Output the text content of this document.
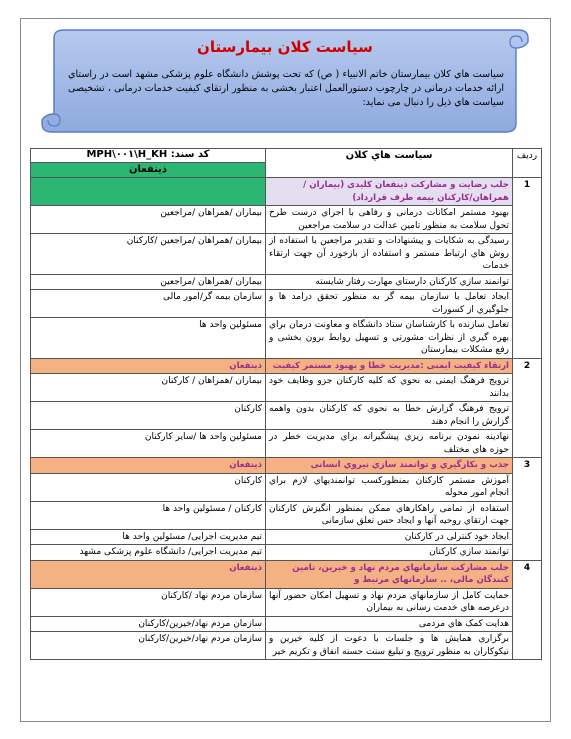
سیاست کلان بیمارستان
سیاست هاي كلان بیمارستان خاتم الانبیاء ( ص) كه تحت پوشش دانشگاه علوم پزشکی مشهد است در راستاي ارائه خدمات درمانی در چارچوب دستورالعمل اعتبار بخشی به منظور ارتقاي کیفیت خدمات درمانی ، تشخیصی سیاست هاي ذیل را دنبال می نماید:
ردیف	سیاست هاي کلان	کد سند: MPH\٠٠١\H_KH
ذینفعان

1	جلب رضایت و مشارکت ذینفعان کلیدی (بیماران /همراهان/کارکنان بیمه طرف قرارداد)	
	بهبود مستمر امکانات درمانی و رفاهی با اجراي درست طرح تحول سلامت به منظور تامین عدالت در سلامت مراجعین	بیماران /همراهان /مراجعین
	رسیدگی به شکایات و پیشنهادات و تقدیر مراجعین با استفاده از روش هاي ارتباط مستمر و استفاده از بازخورد آن جهت ارتقاء خدمات	بیماران /همراهان /مراجعین /کارکنان
	توانمند سازي کارکنان دارستاي مهارت رفتار شایسته	بیماران /همراهان /مراجعین
	ایجاد تعامل با سازمان بیمه گر به منظور تحقق درامد ها و جلوگیري از کسورات	سازمان بیمه گر/امور مالی
	تعامل سازنده با کارشناسان ستاد دانشگاه و معاونت درمان براي بهره گیري از نظرات مشورتی و تسهیل روابط برون بخشی و رفع مشکلات بیمارستان	مسئولین واحد ها
2	ارتقاء کیفیت ایمنی :مدیریت خطا و بهبود مستمر کیفیت	ذینفعان
	ترویج فرهنگ ایمنی به نحوي که کلیه کارکنان جزو وظایف خود بدانند	بیماران /همراهان / کارکنان
	ترویج فرهنگ گزارش خطا به نحوي که کارکنان بدون واهمه گزارش را انجام دهند	کارکنان
	نهادینه نمودن برنامه ریزي پیشگیرانه براي مدیریت خطر در حوزه هاي مختلف	مسئولین واحد ها /سایر کارکنان
3	جذب و بکارگیري و توانمند سازي نیروي انسانی	ذینفعان
	آموزش مستمر کارکنان بمنظورکسب توانمندیهاي لازم براي انجام امور محوله	کارکنان
	استفاده از تمامی راهکارهاي ممکن بمنظور انگیزش کارکنان جهت ارتقاي روحیه آنها و ایجاد حس تعلق سازمانی	کارکنان / مسئولین واحد ها
	ایجاد خود کنترلی در کارکنان	تیم مدیریت اجرایی/ مسئولین واحد ها
	توانمند سازي کارکنان	تیم مدیریت اجرایی/ دانشگاه علوم پزشکی مشهد
4	جلب مشارکت سازمانهاي مردم نهاد و خیرین، تامین کنندگان مالی، .. سازمانهاي مرتبط و	ذینفعان
	حمایت کامل از سازمانهاي مردم نهاد و تسهیل امکان حضور آنها درعرصه هاي خدمت رسانی به بیماران	سازمان مردم نهاد /کارکنان
	هدایت کمک هاي مردمی	سازمان مردم نهاد/خیرین/کارکنان
	برگزاري همایش ها و جلسات با دعوت از کلیه خیرین و نیکوکاران به منظور ترویج و تبلیغ سنت حسنه انفاق و تکریم خیر	سازمان مردم نهاد/خیرین/کارکنان
